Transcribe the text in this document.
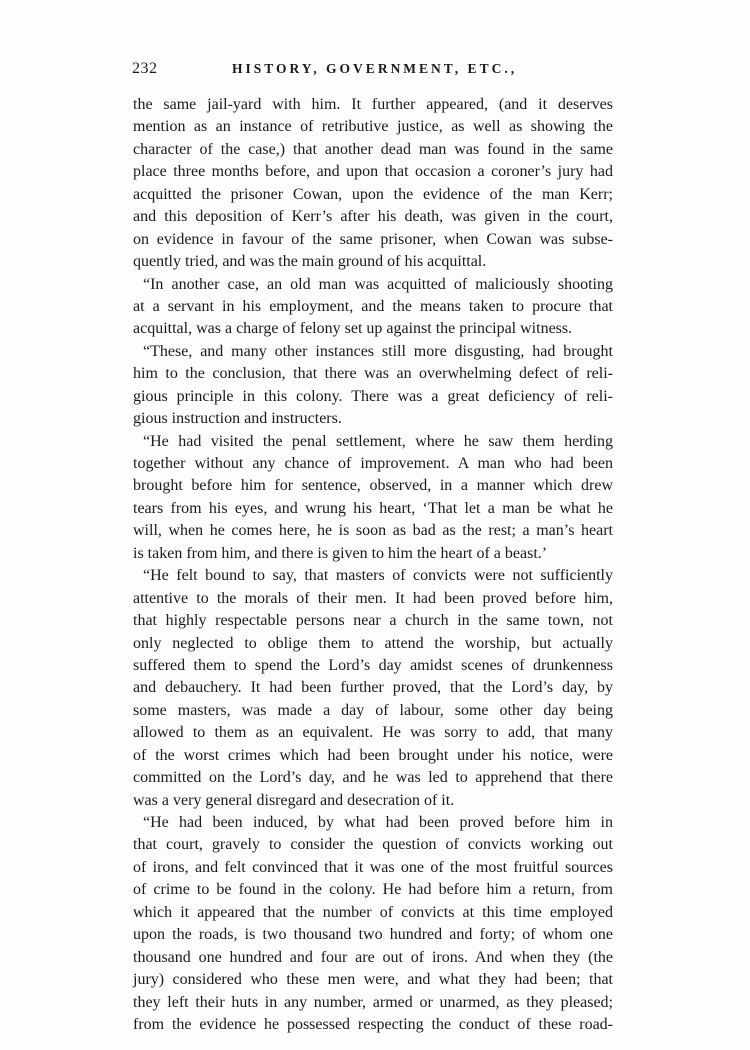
232	HISTORY, GOVERNMENT, ETC.,
the same jail-yard with him. It further appeared, (and it deserves
mention as an instance of retributive justice, as well as showing the
character of the case,) that another dead man was found in the same
place three months before, and upon that occasion a coroner’s jury had
acquitted the prisoner Cowan, upon the evidence of the man Kerr;
and this deposition of Kerr’s after his death, was given in the court,
on evidence in favour of the same prisoner, when Cowan was subse-
quently tried, and was the main ground of his acquittal.
“In another case, an old man was acquitted of maliciously shooting
at a servant in his employment, and the means taken to procure that
acquittal, was a charge of felony set up against the principal witness.
“These, and many other instances still more disgusting, had brought
him to the conclusion, that there was an overwhelming defect of reli-
gious principle in this colony. There was a great deficiency of reli-
gious instruction and instructers.
“He had visited the penal settlement, where he saw them herding
together without any chance of improvement. A man who had been
brought before him for sentence, observed, in a manner which drew
tears from his eyes, and wrung his heart, ‘That let a man be what he
will, when he comes here, he is soon as bad as the rest; a man’s heart
is taken from him, and there is given to him the heart of a beast.’
“He felt bound to say, that masters of convicts were not sufficiently
attentive to the morals of their men. It had been proved before him,
that highly respectable persons near a church in the same town, not
only neglected to oblige them to attend the worship, but actually
suffered them to spend the Lord’s day amidst scenes of drunkenness
and debauchery. It had been further proved, that the Lord’s day, by
some masters, was made a day of labour, some other day being
allowed to them as an equivalent. He was sorry to add, that many
of the worst crimes which had been brought under his notice, were
committed on the Lord’s day, and he was led to apprehend that there
was a very general disregard and desecration of it.
“He had been induced, by what had been proved before him in
that court, gravely to consider the question of convicts working out
of irons, and felt convinced that it was one of the most fruitful sources
of crime to be found in the colony. He had before him a return, from
which it appeared that the number of convicts at this time employed
upon the roads, is two thousand two hundred and forty; of whom one
thousand one hundred and four are out of irons. And when they (the
jury) considered who these men were, and what they had been; that
they left their huts in any number, armed or unarmed, as they pleased;
from the evidence he possessed respecting the conduct of these road-
